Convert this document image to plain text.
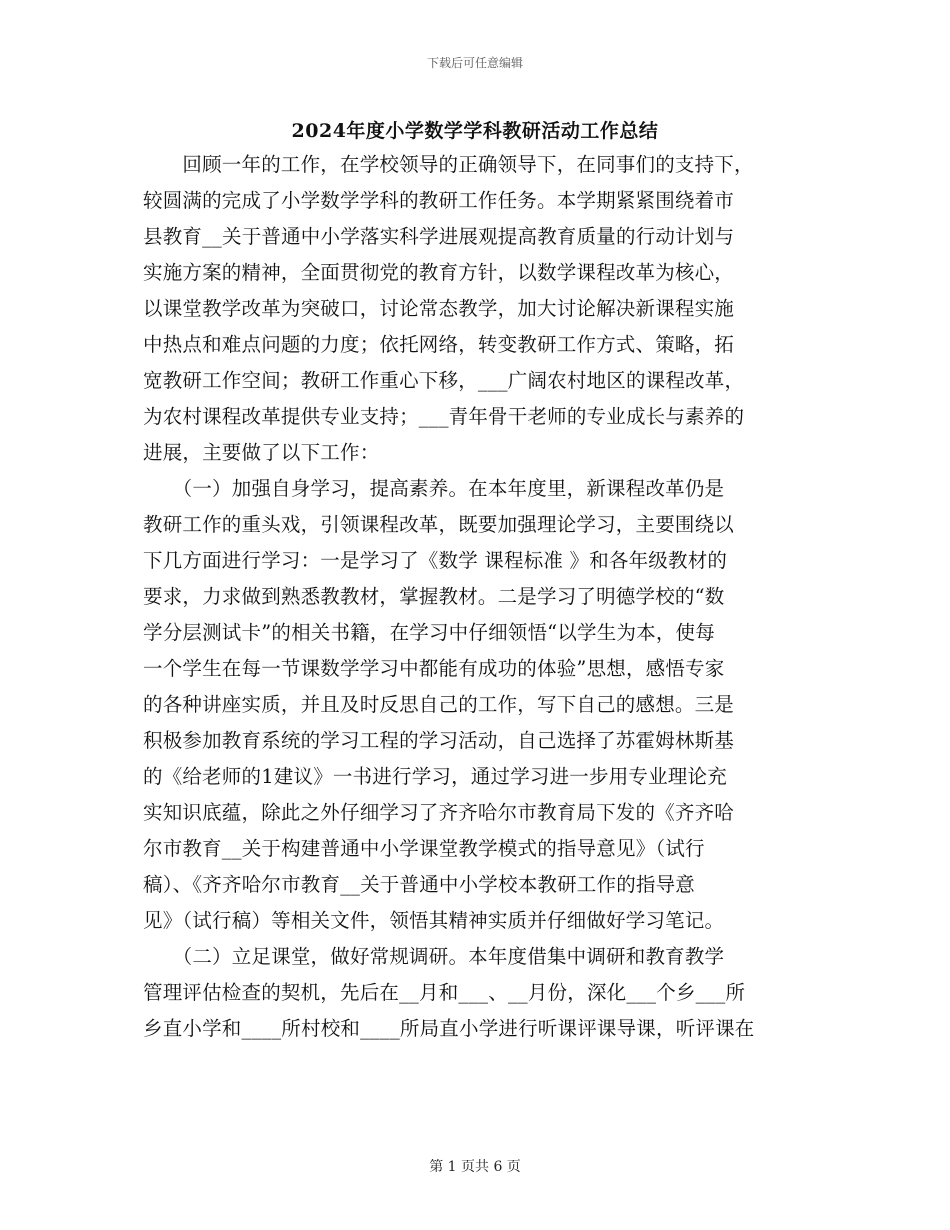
下载后可任意编辑
2024年度小学数学学科教研活动工作总结
　　回顾一年的工作，在学校领导的正确领导下，在同事们的支持下，
较圆满的完成了小学数学学科的教研工作任务。本学期紧紧围绕着市
县教育__关于普通中小学落实科学进展观提高教育质量的行动计划与
实施方案的精神，全面贯彻党的教育方针，以数学课程改革为核心，
以课堂教学改革为突破口，讨论常态教学，加大讨论解决新课程实施
中热点和难点问题的力度；依托网络，转变教研工作方式、策略，拓
宽教研工作空间；教研工作重心下移，___广阔农村地区的课程改革，
为农村课程改革提供专业支持；___青年骨干老师的专业成长与素养的
进展，主要做了以下工作：
　　（一）加强自身学习，提高素养。在本年度里，新课程改革仍是
教研工作的重头戏，引领课程改革，既要加强理论学习，主要围绕以
下几方面进行学习：一是学习了《数学 课程标准 》和各年级教材的
要求，力求做到熟悉教教材，掌握教材。二是学习了明德学校的“数
学分层测试卡”的相关书籍，在学习中仔细领悟“以学生为本，使每
一个学生在每一节课数学学习中都能有成功的体验”思想，感悟专家
的各种讲座实质，并且及时反思自己的工作，写下自己的感想。三是
积极参加教育系统的学习工程的学习活动，自己选择了苏霍姆林斯基
的《给老师的1建议》一书进行学习，通过学习进一步用专业理论充
实知识底蕴，除此之外仔细学习了齐齐哈尔市教育局下发的《齐齐哈
尔市教育__关于构建普通中小学课堂教学模式的指导意见》（试行
稿）、《齐齐哈尔市教育__关于普通中小学校本教研工作的指导意
见》（试行稿）等相关文件，领悟其精神实质并仔细做好学习笔记。
　　（二）立足课堂，做好常规调研。本年度借集中调研和教育教学
管理评估检查的契机，先后在__月和___、__月份，深化___个乡___所
乡直小学和____所村校和____所局直小学进行听课评课导课，听评课在
第 1 页共 6 页
